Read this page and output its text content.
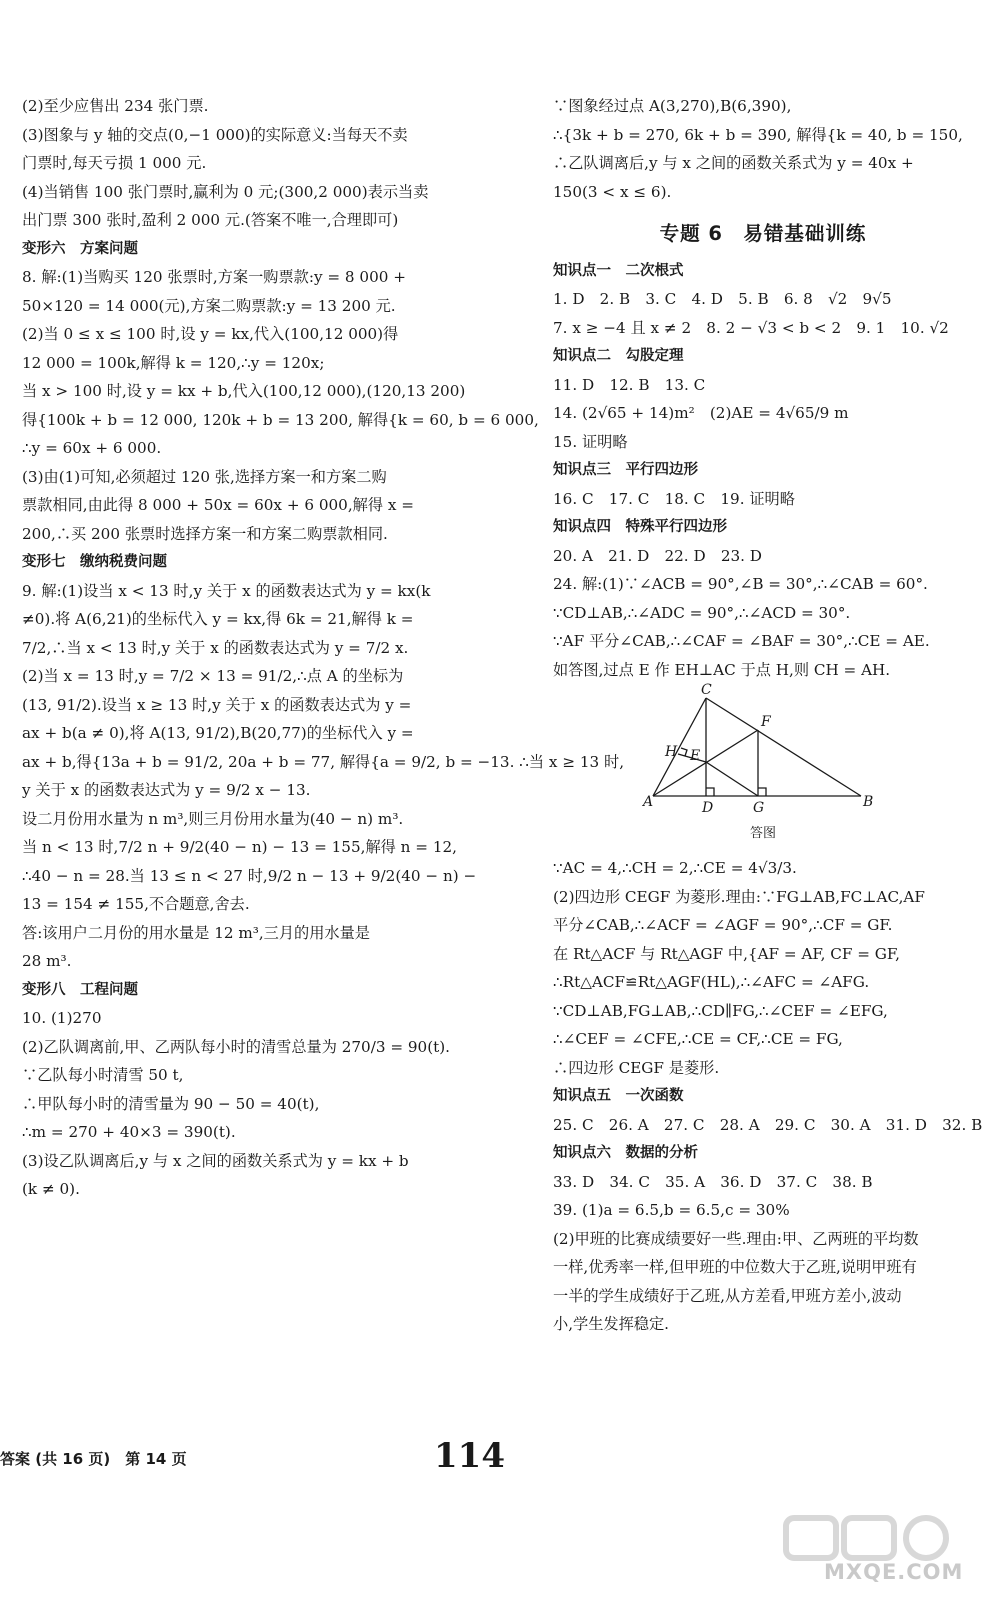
(2)至少应售出 234 张门票.
(3)图象与 y 轴的交点(0,−1 000)的实际意义:当每天不卖
门票时,每天亏损 1 000 元.
(4)当销售 100 张门票时,赢利为 0 元;(300,2 000)表示当卖
出门票 300 张时,盈利 2 000 元.(答案不唯一,合理即可)
变形六　方案问题
8. 解:(1)当购买 120 张票时,方案一购票款:y = 8 000 +
50×120 = 14 000(元),方案二购票款:y = 13 200 元.
(2)当 0 ≤ x ≤ 100 时,设 y = kx,代入(100,12 000)得
12 000 = 100k,解得 k = 120,∴y = 120x;
当 x > 100 时,设 y = kx + b,代入(100,12 000),(120,13 200)
得{100k + b = 12 000, 120k + b = 13 200, 解得{k = 60, b = 6 000,
∴y = 60x + 6 000.
(3)由(1)可知,必须超过 120 张,选择方案一和方案二购
票款相同,由此得 8 000 + 50x = 60x + 6 000,解得 x =
200,∴买 200 张票时选择方案一和方案二购票款相同.
变形七　缴纳税费问题
9. 解:(1)设当 x < 13 时,y 关于 x 的函数表达式为 y = kx(k
≠0).将 A(6,21)的坐标代入 y = kx,得 6k = 21,解得 k =
7/2,∴当 x < 13 时,y 关于 x 的函数表达式为 y = 7/2 x.
(2)当 x = 13 时,y = 7/2 × 13 = 91/2,∴点 A 的坐标为
(13, 91/2).设当 x ≥ 13 时,y 关于 x 的函数表达式为 y =
ax + b(a ≠ 0),将 A(13, 91/2),B(20,77)的坐标代入 y =
ax + b,得{13a + b = 91/2, 20a + b = 77, 解得{a = 9/2, b = −13. ∴当 x ≥ 13 时,
y 关于 x 的函数表达式为 y = 9/2 x − 13.
设二月份用水量为 n m³,则三月份用水量为(40 − n) m³.
当 n < 13 时,7/2 n + 9/2(40 − n) − 13 = 155,解得 n = 12,
∴40 − n = 28.当 13 ≤ n < 27 时,9/2 n − 13 + 9/2(40 − n) −
13 = 154 ≠ 155,不合题意,舍去.
答:该用户二月份的用水量是 12 m³,三月的用水量是
28 m³.
变形八　工程问题
10. (1)270
(2)乙队调离前,甲、乙两队每小时的清雪总量为 270/3 = 90(t).
∵乙队每小时清雪 50 t,
∴甲队每小时的清雪量为 90 − 50 = 40(t),
∴m = 270 + 40×3 = 390(t).
(3)设乙队调离后,y 与 x 之间的函数关系式为 y = kx + b
(k ≠ 0).
∵图象经过点 A(3,270),B(6,390),
∴{3k + b = 270, 6k + b = 390, 解得{k = 40, b = 150,
∴乙队调离后,y 与 x 之间的函数关系式为 y = 40x +
150(3 < x ≤ 6).
专题 6　易错基础训练
知识点一　二次根式
1. D　2. B　3. C　4. D　5. B　6. 8　√2　9√5
7. x ≥ −4 且 x ≠ 2　8. 2 − √3 < b < 2　9. 1　10. √2
知识点二　勾股定理
11. D　12. B　13. C
14. (2√65 + 14)m²　(2)AE = 4√65/9 m
15. 证明略
知识点三　平行四边形
16. C　17. C　18. C　19. 证明略
知识点四　特殊平行四边形
20. A　21. D　22. D　23. D
24. 解:(1)∵∠ACB = 90°,∠B = 30°,∴∠CAB = 60°.
∵CD⊥AB,∴∠ADC = 90°,∴∠ACD = 30°.
∵AF 平分∠CAB,∴∠CAF = ∠BAF = 30°,∴CE = AE.
如答图,过点 E 作 EH⊥AC 于点 H,则 CH = AH.
C
F
H E
A	D	G	B
答图
∵AC = 4,∴CH = 2,∴CE = 4√3/3.
(2)四边形 CEGF 为菱形.理由:∵FG⊥AB,FC⊥AC,AF
平分∠CAB,∴∠ACF = ∠AGF = 90°,∴CF = GF.
在 Rt△ACF 与 Rt△AGF 中,{AF = AF, CF = GF,
∴Rt△ACF≌Rt△AGF(HL),∴∠AFC = ∠AFG.
∵CD⊥AB,FG⊥AB,∴CD∥FG,∴∠CEF = ∠EFG,
∴∠CEF = ∠CFE,∴CE = CF,∴CE = FG,
∴四边形 CEGF 是菱形.
知识点五　一次函数
25. C　26. A　27. C　28. A　29. C　30. A　31. D　32. B
知识点六　数据的分析
33. D　34. C　35. A　36. D　37. C　38. B
39. (1)a = 6.5,b = 6.5,c = 30%
(2)甲班的比赛成绩要好一些.理由:甲、乙两班的平均数
一样,优秀率一样,但甲班的中位数大于乙班,说明甲班有
一半的学生成绩好于乙班,从方差看,甲班方差小,波动
小,学生发挥稳定.
答案 (共 16 页)　第 14 页	114
MXQE.COM
